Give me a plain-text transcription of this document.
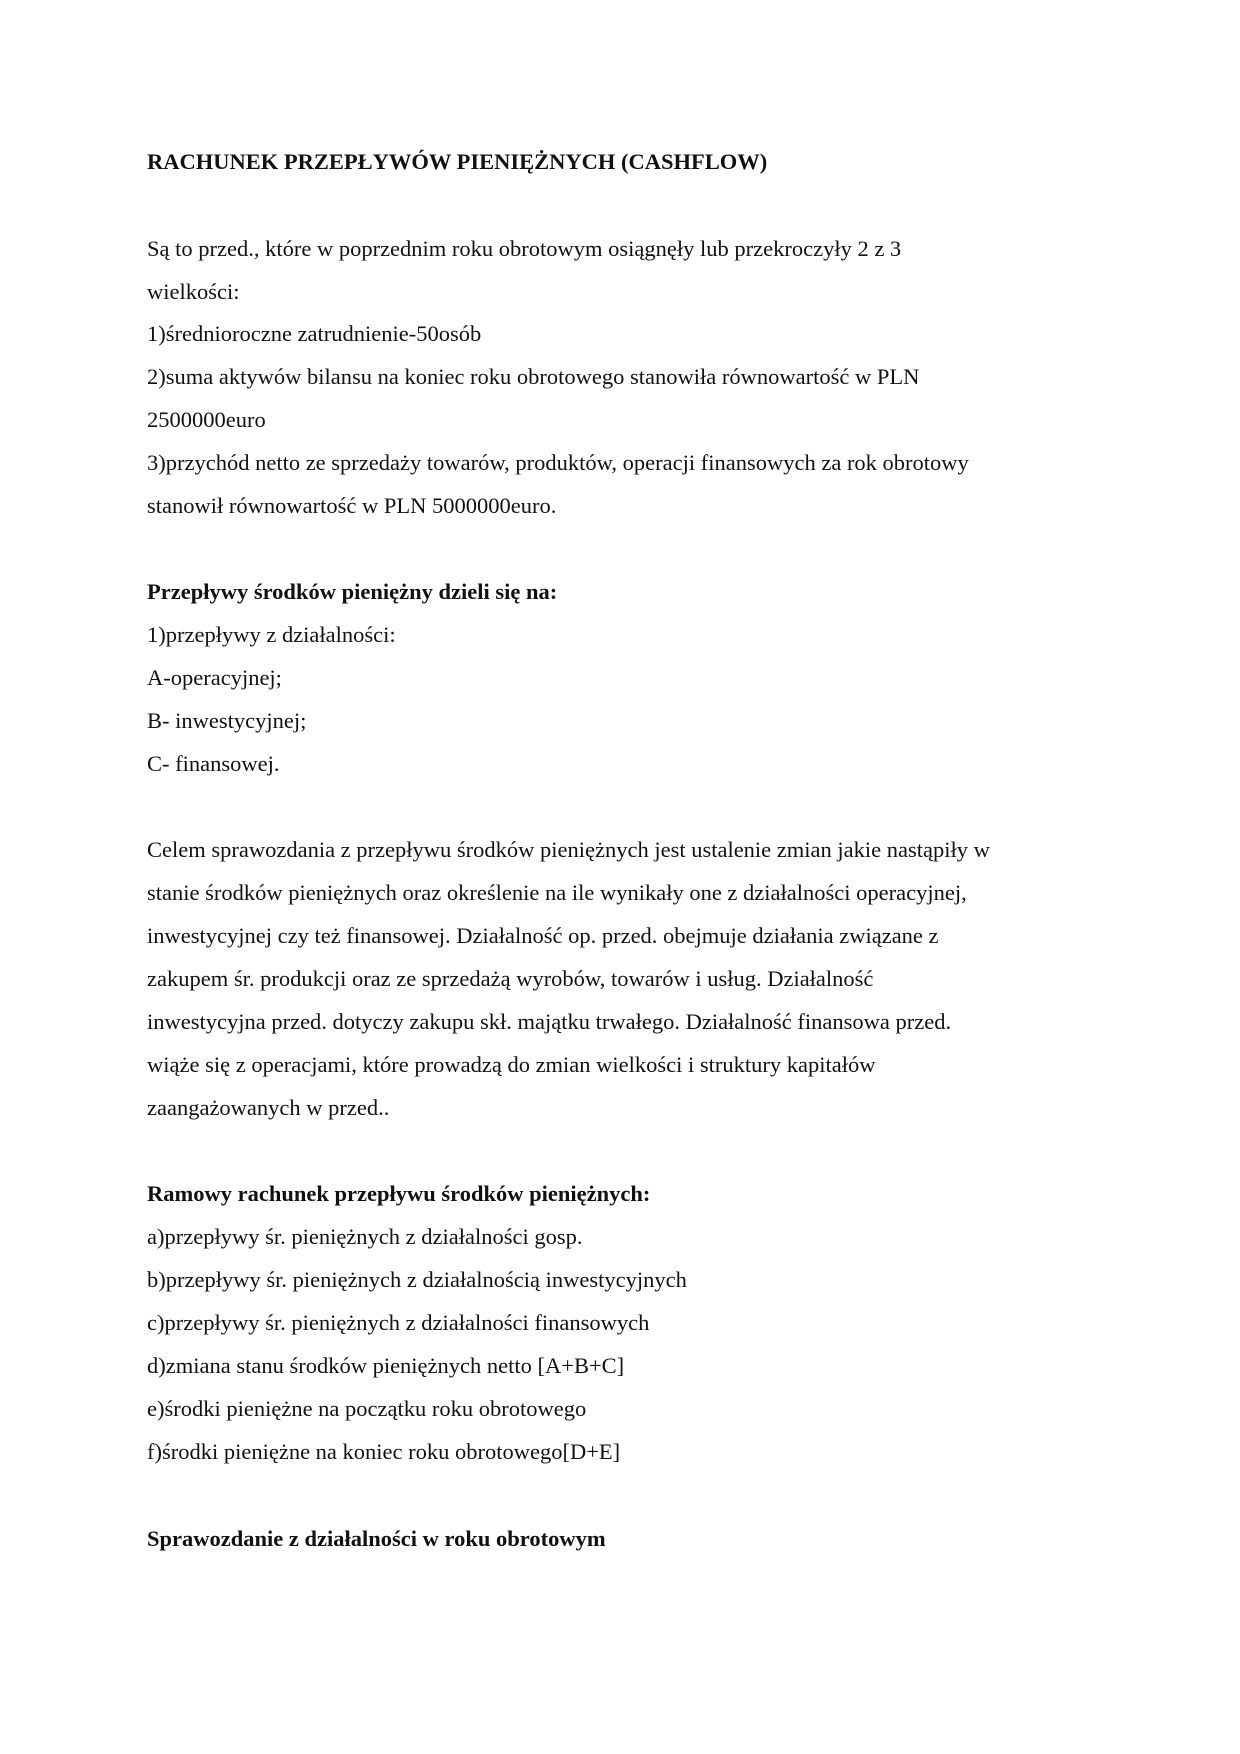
RACHUNEK PRZEPŁYWÓW PIENIĘŻNYCH (CASHFLOW)
Są to przed., które w poprzednim roku obrotowym osiągnęły lub przekroczyły 2 z 3
wielkości:
1)średnioroczne zatrudnienie-50osób
2)suma aktywów bilansu na koniec roku obrotowego stanowiła równowartość w PLN
2500000euro
3)przychód netto ze sprzedaży towarów, produktów, operacji finansowych za rok obrotowy
stanowił równowartość w PLN 5000000euro.
Przepływy środków pieniężny dzieli się na:
1)przepływy z działalności:
A-operacyjnej;
B- inwestycyjnej;
C- finansowej.
Celem sprawozdania z przepływu środków pieniężnych jest ustalenie zmian jakie nastąpiły w
stanie środków pieniężnych oraz określenie na ile wynikały one z działalności operacyjnej,
inwestycyjnej czy też finansowej. Działalność op. przed. obejmuje działania związane z
zakupem śr. produkcji oraz ze sprzedażą wyrobów, towarów i usług. Działalność
inwestycyjna przed. dotyczy zakupu skł. majątku trwałego. Działalność finansowa przed.
wiąże się z operacjami, które prowadzą do zmian wielkości i struktury kapitałów
zaangażowanych w przed..
Ramowy rachunek przepływu środków pieniężnych:
a)przepływy śr. pieniężnych z działalności gosp.
b)przepływy śr. pieniężnych z działalnością inwestycyjnych
c)przepływy śr. pieniężnych z działalności finansowych
d)zmiana stanu środków pieniężnych netto [A+B+C]
e)środki pieniężne na początku roku obrotowego
f)środki pieniężne na koniec roku obrotowego[D+E]
Sprawozdanie z działalności w roku obrotowym
